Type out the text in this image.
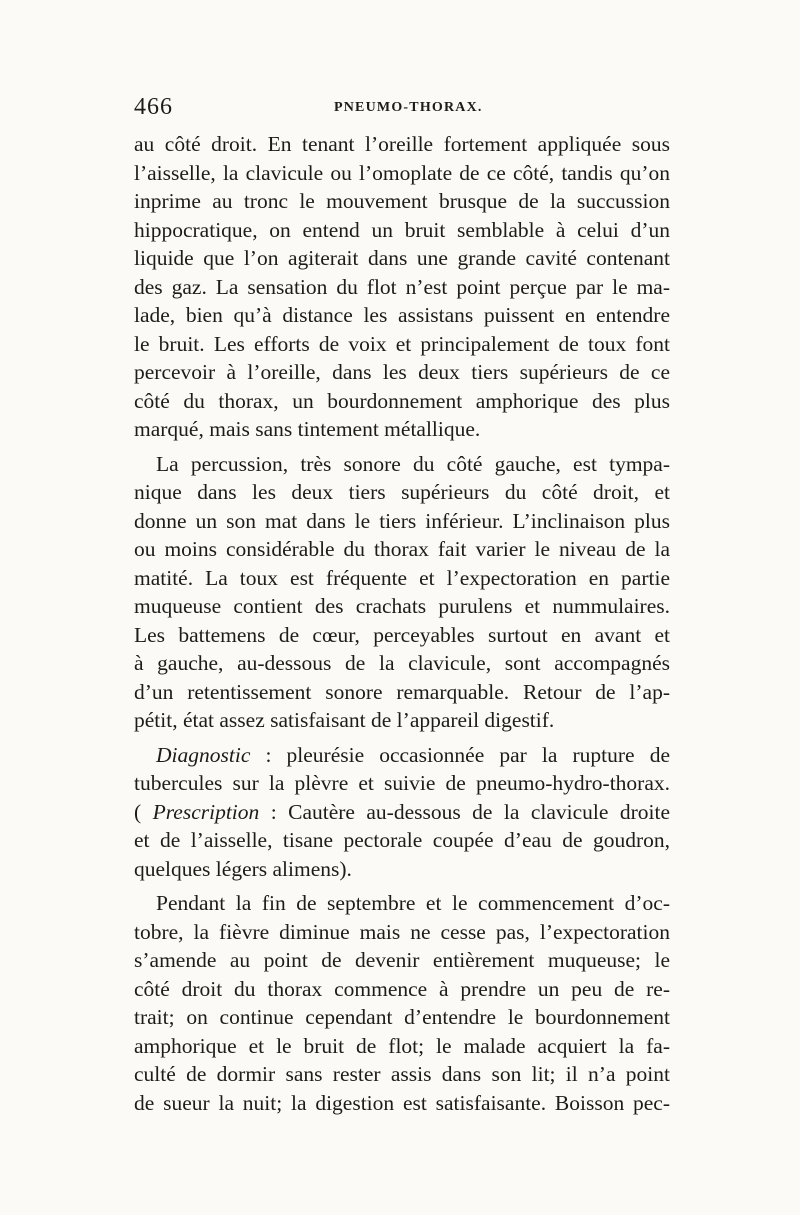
466	PNEUMO-THORAX.
au côté droit. En tenant l’oreille fortement appliquée sous
l’aisselle, la clavicule ou l’omoplate de ce côté, tandis qu’on
inprime au tronc le mouvement brusque de la succussion
hippocratique, on entend un bruit semblable à celui d’un
liquide que l’on agiterait dans une grande cavité contenant
des gaz. La sensation du flot n’est point perçue par le ma-
lade, bien qu’à distance les assistans puissent en entendre
le bruit. Les efforts de voix et principalement de toux font
percevoir à l’oreille, dans les deux tiers supérieurs de ce
côté du thorax, un bourdonnement amphorique des plus
marqué, mais sans tintement métallique.
La percussion, très sonore du côté gauche, est tympa-
nique dans les deux tiers supérieurs du côté droit, et
donne un son mat dans le tiers inférieur. L’inclinaison plus
ou moins considérable du thorax fait varier le niveau de la
matité. La toux est fréquente et l’expectoration en partie
muqueuse contient des crachats purulens et nummulaires.
Les battemens de cœur, perceyables surtout en avant et
à gauche, au-dessous de la clavicule, sont accompagnés
d’un retentissement sonore remarquable. Retour de l’ap-
pétit, état assez satisfaisant de l’appareil digestif.
Diagnostic : pleurésie occasionnée par la rupture de
tubercules sur la plèvre et suivie de pneumo-hydro-thorax.
( Prescription : Cautère au-dessous de la clavicule droite
et de l’aisselle, tisane pectorale coupée d’eau de goudron,
quelques légers alimens).
Pendant la fin de septembre et le commencement d’oc-
tobre, la fièvre diminue mais ne cesse pas, l’expectoration
s’amende au point de devenir entièrement muqueuse; le
côté droit du thorax commence à prendre un peu de re-
trait; on continue cependant d’entendre le bourdonnement
amphorique et le bruit de flot; le malade acquiert la fa-
culté de dormir sans rester assis dans son lit; il n’a point
de sueur la nuit; la digestion est satisfaisante. Boisson pec-
